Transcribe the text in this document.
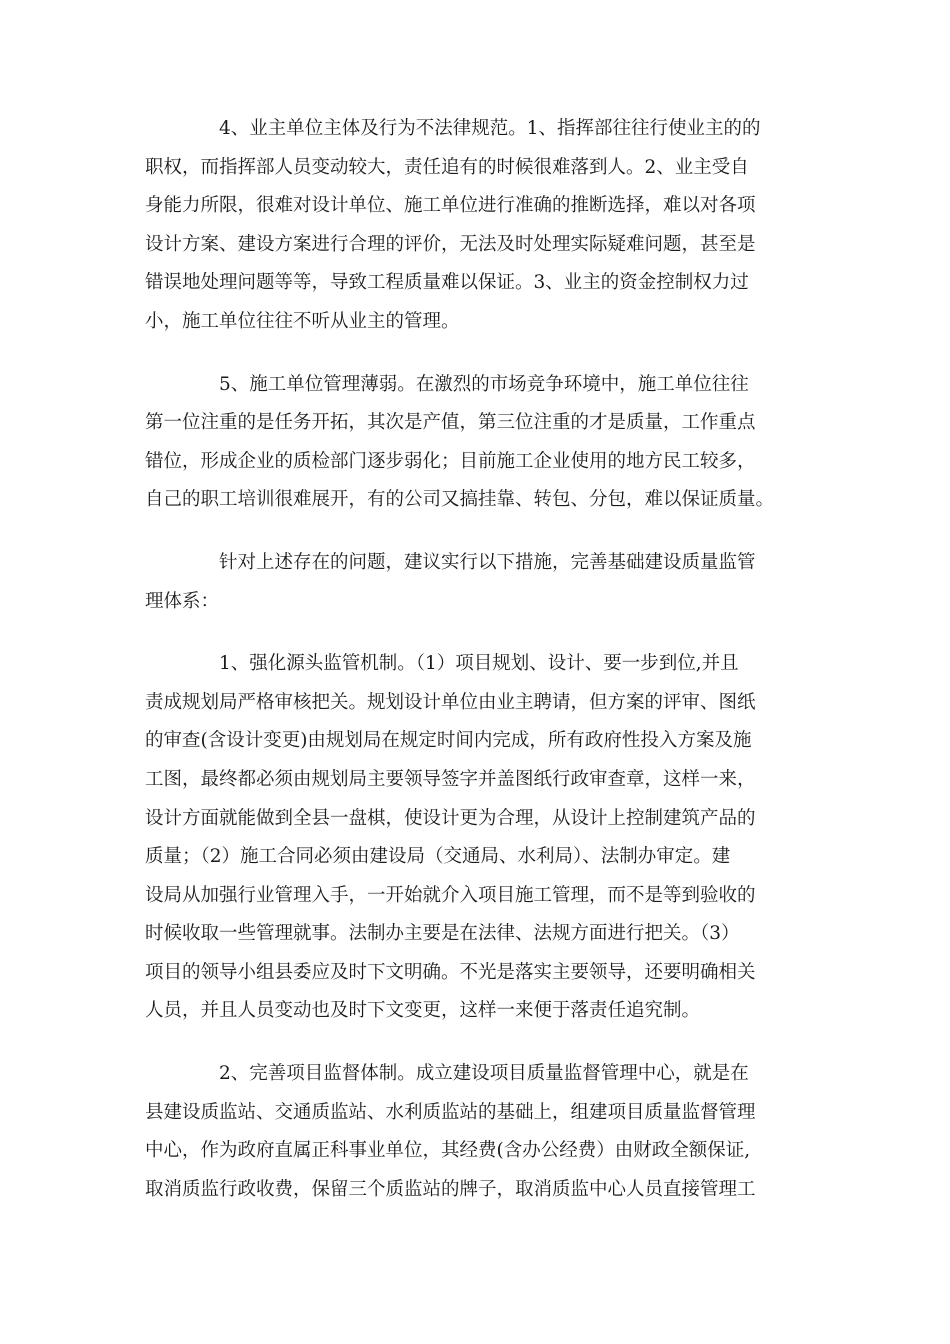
4、业主单位主体及行为不法律规范。1、指挥部往往行使业主的的
职权，而指挥部人员变动较大，责任追有的时候很难落到人。2、业主受自
身能力所限，很难对设计单位、施工单位进行准确的推断选择，难以对各项
设计方案、建设方案进行合理的评价，无法及时处理实际疑难问题，甚至是
错误地处理问题等等，导致工程质量难以保证。3、业主的资金控制权力过
小，施工单位往往不听从业主的管理。

5、施工单位管理薄弱。在激烈的市场竞争环境中，施工单位往往
第一位注重的是任务开拓，其次是产值，第三位注重的才是质量，工作重点
错位，形成企业的质检部门逐步弱化；目前施工企业使用的地方民工较多，
自己的职工培训很难展开，有的公司又搞挂靠、转包、分包，难以保证质量。

针对上述存在的问题，建议实行以下措施，完善基础建设质量监管
理体系：

1、强化源头监管机制。（1）项目规划、设计、要一步到位,并且
责成规划局严格审核把关。规划设计单位由业主聘请，但方案的评审、图纸
的审查(含设计变更)由规划局在规定时间内完成，所有政府性投入方案及施
工图，最终都必须由规划局主要领导签字并盖图纸行政审查章，这样一来，
设计方面就能做到全县一盘棋，使设计更为合理，从设计上控制建筑产品的
质量；（2）施工合同必须由建设局（交通局、水利局）、法制办审定。建
设局从加强行业管理入手，一开始就介入项目施工管理，而不是等到验收的
时候收取一些管理就事。法制办主要是在法律、法规方面进行把关。（3）
项目的领导小组县委应及时下文明确。不光是落实主要领导，还要明确相关
人员，并且人员变动也及时下文变更，这样一来便于落责任追究制。

2、完善项目监督体制。成立建设项目质量监督管理中心，就是在
县建设质监站、交通质监站、水利质监站的基础上，组建项目质量监督管理
中心，作为政府直属正科事业单位，其经费(含办公经费）由财政全额保证,
取消质监行政收费，保留三个质监站的牌子，取消质监中心人员直接管理工
